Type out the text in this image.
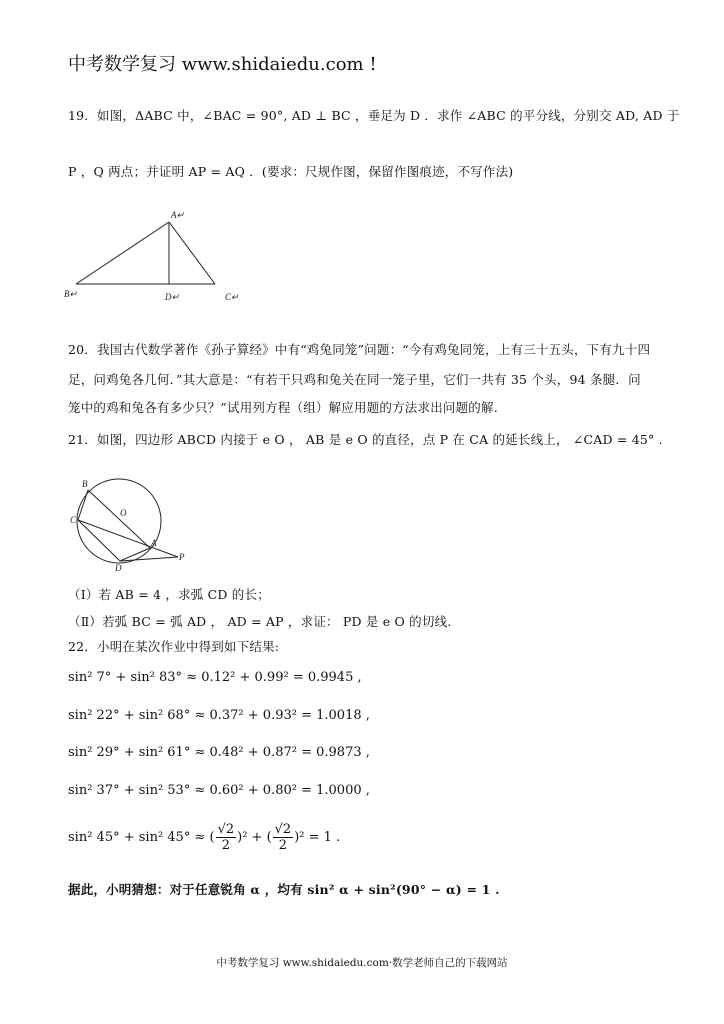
中考数学复习 www.shidaiedu.com !
19．如图，ΔABC 中，∠BAC = 90°, AD ⊥ BC ，垂足为 D ．求作 ∠ABC 的平分线，分别交 AD, AD 于
P ，Q 两点；并证明 AP = AQ ．(要求：尺规作图，保留作图痕迹，不写作法)
A↵
B↵	C↵
D↵
20．我国古代数学著作《孙子算经》中有“鸡兔同笼”问题：“今有鸡兔同笼，上有三十五头，下有九十四
足，问鸡兔各几何．”其大意是：“有若干只鸡和兔关在同一笼子里，它们一共有 35 个头，94 条腿．问
笼中的鸡和兔各有多少只？”试用列方程（组）解应用题的方法求出问题的解.
21．如图，四边形 ABCD 内接于 e O ， AB 是 e O 的直径，点 P 在 CA 的延长线上， ∠CAD = 45° .
B
C
O
A
D
P
（Ⅰ）若 AB = 4 ，求弧 CD 的长；
（Ⅱ）若弧 BC = 弧 AD ， AD = AP ，求证： PD 是 e O 的切线.
22．小明在某次作业中得到如下结果:
sin² 7° + sin² 83° ≈ 0.12² + 0.99² = 0.9945 ,
sin² 22° + sin² 68° ≈ 0.37² + 0.93² = 1.0018 ,
sin² 29° + sin² 61° ≈ 0.48² + 0.87² = 0.9873 ,
sin² 37° + sin² 53° ≈ 0.60² + 0.80² = 1.0000 ,
sin² 45° + sin² 45° ≈ ( $\frac{√2}{2} )^2$ + ( $\frac{√2}{2} )^2 = 1$ .
据此，小明猜想：对于任意锐角 α ，均有 sin² α + sin²(90° − α) = 1 .
中考数学复习 www.shidaiedu.com·数学老师自己的下载网站
